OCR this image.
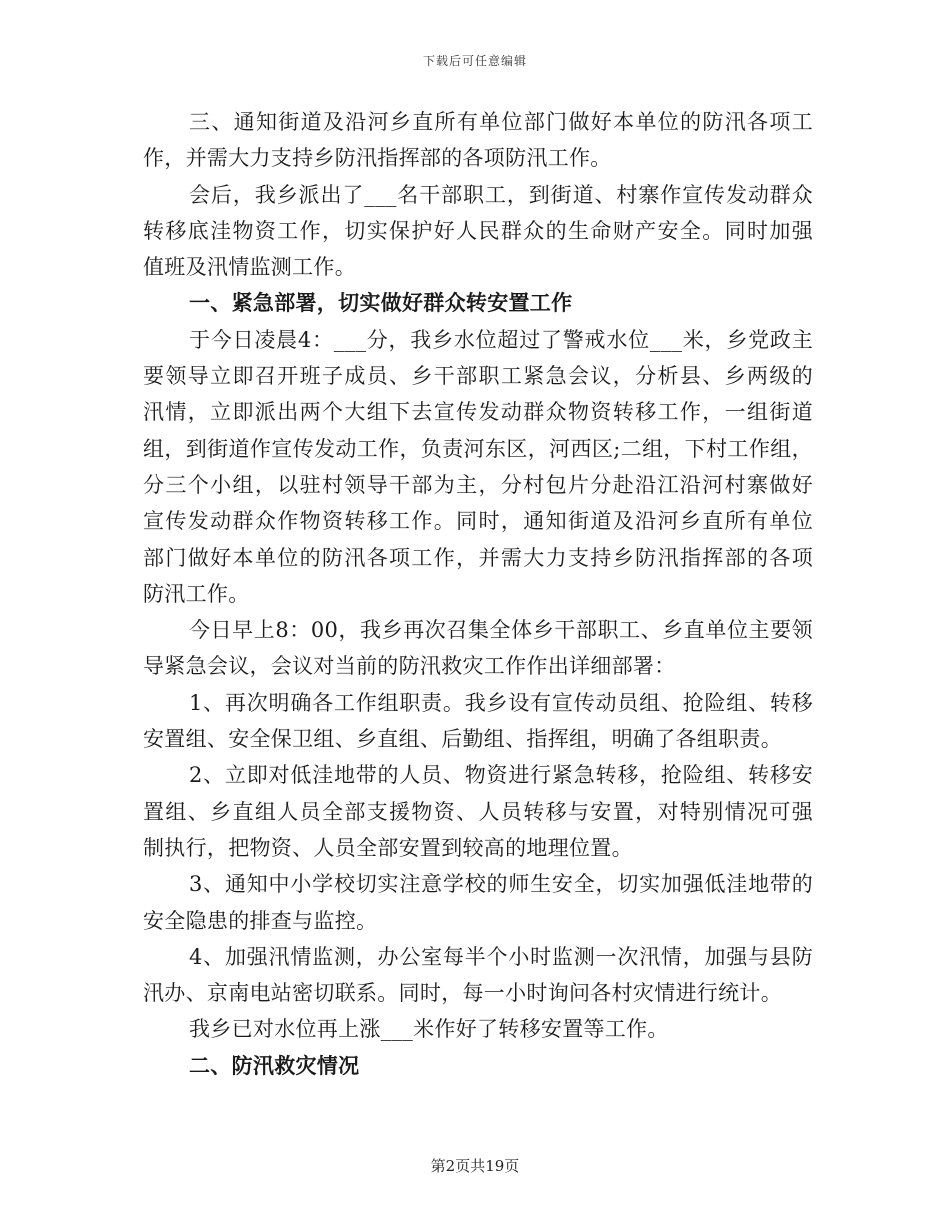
下载后可任意编辑
三、通知街道及沿河乡直所有单位部门做好本单位的防汛各项工
作，并需大力支持乡防汛指挥部的各项防汛工作。
会后，我乡派出了___名干部职工，到街道、村寨作宣传发动群众
转移底洼物资工作，切实保护好人民群众的生命财产安全。同时加强
值班及汛情监测工作。
一、紧急部署，切实做好群众转安置工作
于今日凌晨4：___分，我乡水位超过了警戒水位___米，乡党政主
要领导立即召开班子成员、乡干部职工紧急会议，分析县、乡两级的
汛情，立即派出两个大组下去宣传发动群众物资转移工作，一组街道
组，到街道作宣传发动工作，负责河东区，河西区;二组，下村工作组，
分三个小组，以驻村领导干部为主，分村包片分赴沿江沿河村寨做好
宣传发动群众作物资转移工作。同时，通知街道及沿河乡直所有单位
部门做好本单位的防汛各项工作，并需大力支持乡防汛指挥部的各项
防汛工作。
今日早上8：00，我乡再次召集全体乡干部职工、乡直单位主要领
导紧急会议，会议对当前的防汛救灾工作作出详细部署：
1、再次明确各工作组职责。我乡设有宣传动员组、抢险组、转移
安置组、安全保卫组、乡直组、后勤组、指挥组，明确了各组职责。
2、立即对低洼地带的人员、物资进行紧急转移，抢险组、转移安
置组、乡直组人员全部支援物资、人员转移与安置，对特别情况可强
制执行，把物资、人员全部安置到较高的地理位置。
3、通知中小学校切实注意学校的师生安全，切实加强低洼地带的
安全隐患的排查与监控。
4、加强汛情监测，办公室每半个小时监测一次汛情，加强与县防
汛办、京南电站密切联系。同时，每一小时询问各村灾情进行统计。
我乡已对水位再上涨___米作好了转移安置等工作。
二、防汛救灾情况
第2页共19页
